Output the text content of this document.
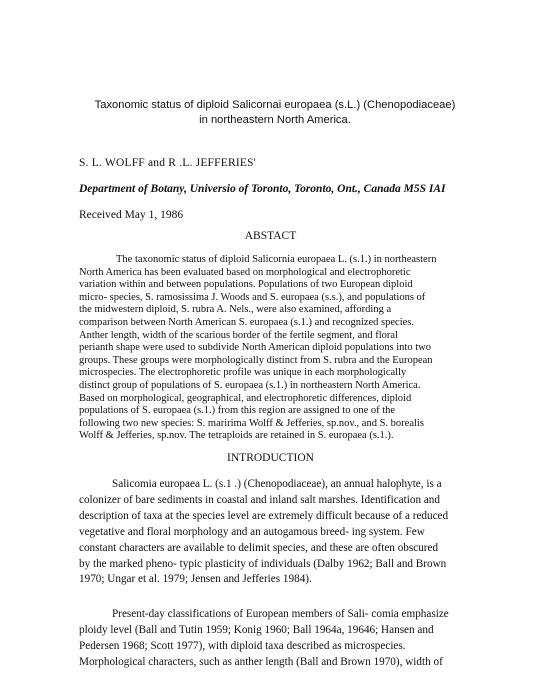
Taxonomic status of diploid Salicornai europaea (s.L.) (Chenopodiaceae)
in northeastern North America.
S. L. WOLFF and R .L. JEFFERIES'
Department of Botany, Universio of Toronto, Toronto, Ont., Canada M5S IAI
Received May 1, 1986
ABSTACT
The taxonomic status of diploid Salicornia europaea L. (s.1.) in northeastern
North America has been evaluated based on morphological and electrophoretic
variation within and between populations. Populations of two European diploid
micro- species, S. ramosissima J. Woods and S. europaea (s.s.), and populations of
the midwestern diploid, S. rubra A. Nels., were also examined, affording a
comparison between North American S. europaea (s.1.) and recognized species.
Anther length, width of the scarious border of the fertile segment, and floral
perianth shape were used to subdivide North American diploid populations into two
groups. These groups were morphologically distinct from S. rubra and the European
microspecies. The electrophoretic profile was unique in each morphologically
distinct group of populations of S. europaea (s.1.) in northeastern North America.
Based on morphological, geographical, and electrophoretic differences, diploid
populations of S. europaea (s.1.) from this region are assigned to one of the
following two new species: S. maririma Wolff & Jefferies, sp.nov., and S. borealis
Wolff & Jefferies, sp.nov. The tetraploids are retained in S. europaea (s.1.).
INTRODUCTION
Salicomia europaea L. (s.1 .) (Chenopodiaceae), an annual halophyte, is a
colonizer of bare sediments in coastal and inland salt marshes. Identification and
description of taxa at the species level are extremely difficult because of a reduced
vegetative and floral morphology and an autogamous breed- ing system. Few
constant characters are available to delimit species, and these are often obscured
by the marked pheno- typic plasticity of individuals (Dalby 1962; Ball and Brown
1970; Ungar et al. 1979; Jensen and Jefferies 1984).
Present-day classifications of European members of Sali- comia emphasize
ploidy level (Ball and Tutin 1959; Konig 1960; Ball 1964a, 19646; Hansen and
Pedersen 1968; Scott 1977), with diploid taxa described as microspecies.
Morphological characters, such as anther length (Ball and Brown 1970), width of
